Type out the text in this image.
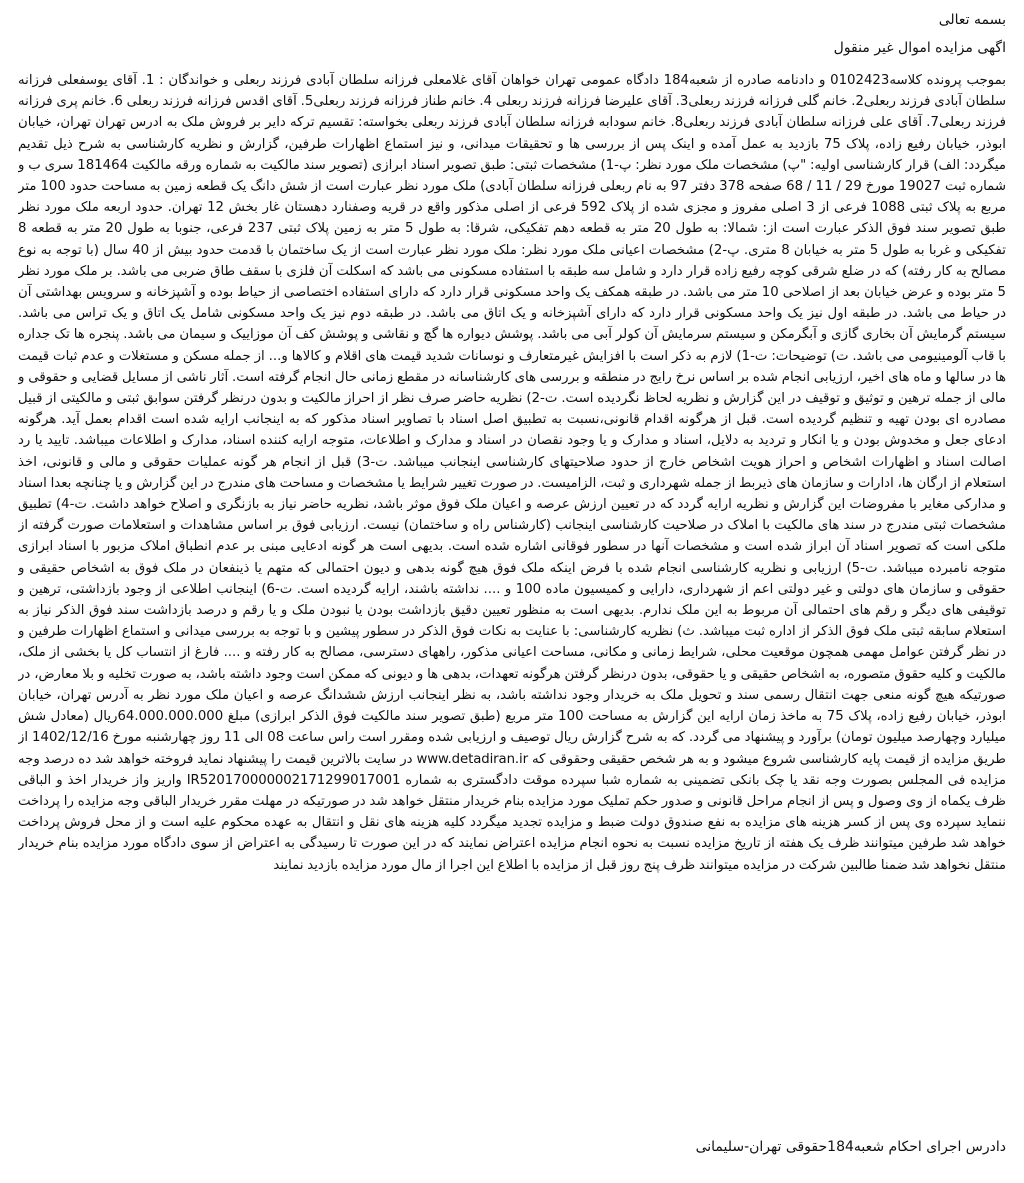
بسمه تعالی

اگهی مزایده اموال غیر منقول

بموجب پرونده کلاسه0102423 و دادنامه صادره از شعبه184 دادگاه عمومی تهران خواهان آقای غلامعلی فرزانه سلطان آبادی فرزند ربعلی و خواندگان : 1. آقای یوسفعلی فرزانه سلطان آبادی فرزند ربعلی2. خانم گلی فرزانه فرزند ربعلی3. آقای علیرضا فرزانه فرزند ربعلی 4. خانم طناز فرزانه فرزند ربعلی5. آقای اقدس فرزانه فرزند ربعلی 6. خانم پری فرزانه فرزند ربعلی7. آقای علی فرزانه سلطان آبادی فرزند ربعلی8. خانم سودابه فرزانه سلطان آبادی فرزند ربعلی بخواسته: تقسیم ترکه دایر بر فروش ملک به ادرس تهران تهران، خیابان ابوذر، خیابان رفیع زاده، پلاک 75 بازدید به عمل آمده و اینک پس از بررسی ها و تحقیقات میدانی، و نیز استماع اظهارات طرفین، گزارش و نظریه کارشناسی به شرح ذیل تقدیم میگردد: الف) قرار کارشناسی اولیه: "پ) مشخصات ملک مورد نظر: پ-1) مشخصات ثبتی: طبق تصویر اسناد ابرازی (تصویر سند مالکیت به شماره ورقه مالکیت 181464 سری ب و شماره ثبت 19027 مورخ 29 / 11 / 68 صفحه 378 دفتر 97 به نام ربعلی فرزانه سلطان آبادی) ملک مورد نظر عبارت است از شش دانگ یک قطعه زمین به مساحت حدود 100 متر مربع به پلاک ثبتی 1088 فرعی از 3 اصلی مفروز و مجزی شده از پلاک 592 فرعی از اصلی مذکور واقع در قریه وصفنارد دهستان غار بخش 12 تهران. حدود اربعه ملک مورد نظر طبق تصویر سند فوق الذکر عبارت است از: شمالا: به طول 20 متر به قطعه دهم تفکیکی، شرقا: به طول 5 متر به زمین پلاک ثبتی 237 فرعی، جنوبا به طول 20 متر به قطعه 8 تفکیکی و غربا به طول 5 متر به خیابان 8 متری. پ-2) مشخصات اعیانی ملک مورد نظر: ملک مورد نظر عبارت است از یک ساختمان با قدمت حدود بیش از 40 سال (با توجه به نوع مصالح به کار رفته) که در ضلع شرقی کوچه رفیع زاده قرار دارد و شامل سه طبقه با استفاده مسکونی می باشد که اسکلت آن فلزی با سقف طاق ضربی می باشد. بر ملک مورد نظر 5 متر بوده و عرض خیابان بعد از اصلاحی 10 متر می باشد. در طبقه همکف یک واحد مسکونی قرار دارد که دارای استفاده اختصاصی از حیاط بوده و آشپزخانه و سرویس بهداشتی آن در حیاط می باشد. در طبقه اول نیز یک واحد مسکونی قرار دارد که دارای آشپزخانه و یک اتاق می باشد. در طبقه دوم نیز یک واحد مسکونی شامل یک اتاق و یک تراس می باشد. سیستم گرمایش آن بخاری گازی و آبگرمکن و سیستم سرمایش آن کولر آبی می باشد. پوشش دیواره ها گچ و نقاشی و پوشش کف آن موزاییک و سیمان می باشد. پنجره ها تک جداره با قاب آلومینیومی می باشد. ت) توضیحات: ت-1) لازم به ذکر است با افزایش غیرمتعارف و نوسانات شدید قیمت های اقلام و کالاها و... از جمله مسکن و مستغلات و عدم ثبات قیمت ها در سالها و ماه های اخیر، ارزیابی انجام شده بر اساس نرخ رایج در منطقه و بررسی های کارشناسانه در مقطع زمانی حال انجام گرفته است. آثار ناشی از مسایل قضایی و حقوقی و مالی از جمله ترهین و توثیق و توقیف در این گزارش و نظریه لحاظ نگردیده است. ت-2) نظریه حاضر صرف نظر از احراز مالکیت و بدون درنظر گرفتن سوابق ثبتی و مالکیتی از قبیل مصادره ای بودن تهیه و تنظیم گردیده است. قبل از هرگونه اقدام قانونی،نسبت به تطبیق اصل اسناد با تصاویر اسناد مذکور که به اینجانب ارایه شده است اقدام بعمل آید. هرگونه ادعای جعل و مخدوش بودن و یا انکار و تردید به دلایل، اسناد و مدارک و یا وجود نقصان در اسناد و مدارک و اطلاعات، متوجه ارایه کننده اسناد، مدارک و اطلاعات میباشد. تایید یا رد اصالت اسناد و اظهارات اشخاص و احراز هویت اشخاص خارج از حدود صلاحیتهای کارشناسی اینجانب میباشد. ت-3) قبل از انجام هر گونه عملیات حقوقی و مالی و قانونی، اخذ استعلام از ارگان ها، ادارات و سازمان های ذیربط از جمله شهرداری و ثبت، الزامیست. در صورت تغییر شرایط یا مشخصات و مساحت های مندرج در این گزارش و یا چنانچه بعدا اسناد و مدارکی مغایر با مفروضات این گزارش و نظریه ارایه گردد که در تعیین ارزش عرصه و اعیان ملک فوق موثر باشد، نظریه حاضر نیاز به بازنگری و اصلاح خواهد داشت. ت-4) تطبیق مشخصات ثبتی مندرج در سند های مالکیت با املاک در صلاحیت کارشناسی اینجانب (کارشناس راه و ساختمان) نیست. ارزیابی فوق بر اساس مشاهدات و استعلامات صورت گرفته از ملکی است که تصویر اسناد آن ابراز شده است و مشخصات آنها در سطور فوقانی اشاره شده است. بدیهی است هر گونه ادعایی مبنی بر عدم انطباق املاک مزبور با اسناد ابرازی متوجه نامبرده میباشد. ت-5) ارزیابی و نظریه کارشناسی انجام شده با فرض اینکه ملک فوق هیچ گونه بدهی و دیون احتمالی که متهم یا ذینفعان در ملک فوق به اشخاص حقیقی و حقوقی و سازمان های دولتی و غیر دولتی اعم از شهرداری، دارایی و کمیسیون ماده 100 و .... نداشته باشند، ارایه گردیده است. ت-6) اینجانب اطلاعی از وجود بازداشتی، ترهین و توقیفی های دیگر و رقم های احتمالی آن مربوط به این ملک ندارم. بدیهی است به منظور تعیین دقیق بازداشت بودن یا نبودن ملک و یا رقم و درصد بازداشت سند فوق الذکر نیاز به استعلام سابقه ثبتی ملک فوق الذکر از اداره ثبت میباشد. ث) نظریه کارشناسی: با عنایت به نکات فوق الذکر در سطور پیشین و با توجه به بررسی میدانی و استماع اظهارات طرفین و در نظر گرفتن عوامل مهمی همچون موقعیت محلی، شرایط زمانی و مکانی، مساحت اعیانی مذکور، راههای دسترسی، مصالح به کار رفته و .... فارغ از انتساب کل یا بخشی از ملک، مالکیت و کلیه حقوق متصوره، به اشخاص حقیقی و یا حقوقی، بدون درنظر گرفتن هرگونه تعهدات، بدهی ها و دیونی که ممکن است وجود داشته باشد، به صورت تخلیه و بلا معارض، در صورتیکه هیچ گونه منعی جهت انتقال رسمی سند و تحویل ملک به خریدار وجود نداشته باشد، به نظر اینجانب ارزش ششدانگ عرصه و اعیان ملک مورد نظر به آدرس تهران، خیابان ابوذر، خیابان رفیع زاده، پلاک 75 به ماخذ زمان ارایه این گزارش به مساحت 100 متر مربع (طبق تصویر سند مالکیت فوق الذکر ابرازی) مبلغ 64.000.000.000ریال (معادل شش میلیارد وچهارصد میلیون تومان) برآورد و پیشنهاد می گردد. که به شرح گزارش ریال توصیف و ارزیابی شده ومقرر است راس ساعت 08 الی 11 روز چهارشنبه مورخ 1402/12/16 از طریق مزایده از قیمت پایه کارشناسی شروع میشود و به هر شخص حقیقی وحقوقی که www.detadiran.ir در سایت بالاترین قیمت را پیشنهاد نماید فروخته خواهد شد ده درصد وجه مزایده فی المجلس بصورت وجه نقد یا چک بانکی تضمینی به شماره شبا سپرده موقت دادگستری به شماره IR520170000002171299017001 واریز واز خریدار اخذ و الباقی ظرف یکماه از وی وصول و پس از انجام مراحل قانونی و صدور حکم تملیک مورد مزایده بنام خریدار منتقل خواهد شد در صورتیکه در مهلت مقرر خریدار الباقی وجه مزایده را پرداخت ننماید سپرده وی پس از کسر هزینه های مزایده به نفع صندوق دولت ضبط و مزایده تجدید میگردد کلیه هزینه های نقل و انتقال به عهده محکوم علیه است و از محل فروش پرداخت خواهد شد طرفین میتوانند ظرف یک هفته از تاریخ مزایده نسبت به نحوه انجام مزایده اعتراض نمایند که در این صورت تا رسیدگی به اعتراض از سوی دادگاه مورد مزایده بنام خریدار منتقل نخواهد شد ضمنا طالبین شرکت در مزایده میتوانند ظرف پنج روز قبل از مزایده با اطلاع این اجرا از مال مورد مزایده بازدید نمایند

دادرس اجرای احکام شعبه184حقوقی تهران-سلیمانی
